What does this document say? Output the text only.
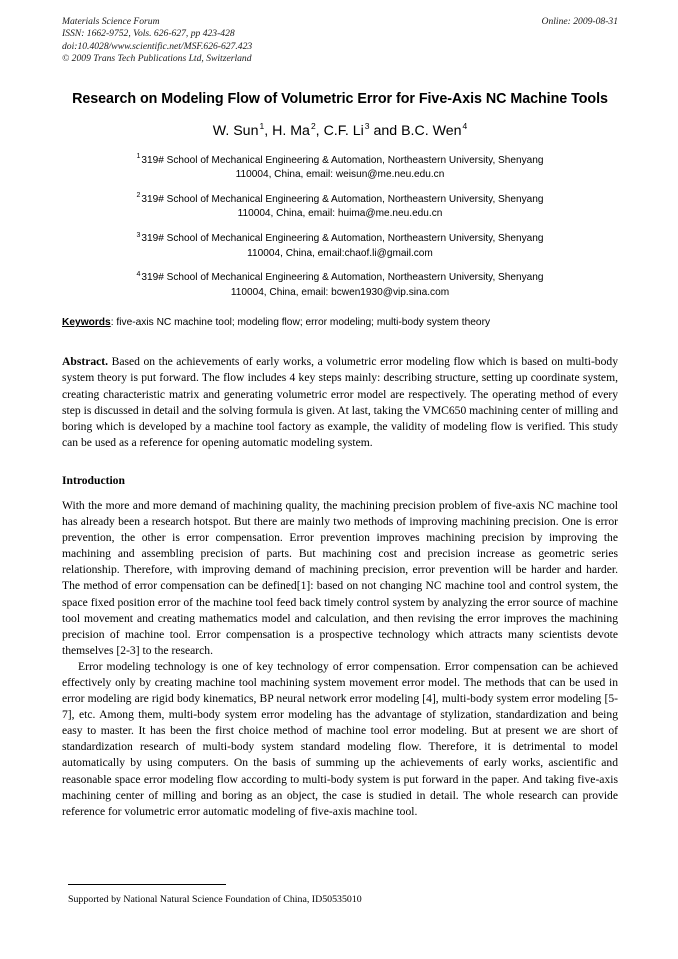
Online: 2009-08-31
Materials Science Forum
ISSN: 1662-9752, Vols. 626-627, pp 423-428
doi:10.4028/www.scientific.net/MSF.626-627.423
© 2009 Trans Tech Publications Ltd, Switzerland
Research on Modeling Flow of Volumetric Error for Five-Axis NC Machine Tools
W. Sun$^1$, H. Ma$^2$, C.F. Li$^3$ and B.C. Wen$^4$
$^1$319# School of Mechanical Engineering & Automation, Northeastern University, Shenyang
110004, China, email: weisun@me.neu.edu.cn
$^2$319# School of Mechanical Engineering & Automation, Northeastern University, Shenyang
110004, China, email: huima@me.neu.edu.cn
$^3$319# School of Mechanical Engineering & Automation, Northeastern University, Shenyang
110004, China, email:chaof.li@gmail.com
$^4$319# School of Mechanical Engineering & Automation, Northeastern University, Shenyang
110004, China, email: bcwen1930@vip.sina.com
Keywords: five-axis NC machine tool; modeling flow; error modeling; multi-body system theory
Abstract. Based on the achievements of early works, a volumetric error modeling flow which is based on multi-body system theory is put forward. The flow includes 4 key steps mainly: describing structure, setting up coordinate system, creating characteristic matrix and generating volumetric error model are respectively. The operating method of every step is discussed in detail and the solving formula is given. At last, taking the VMC650 machining center of milling and boring which is developed by a machine tool factory as example, the validity of modeling flow is verified. This study can be used as a reference for opening automatic modeling system.
Introduction
With the more and more demand of machining quality, the machining precision problem of five-axis NC machine tool has already been a research hotspot. But there are mainly two methods of improving machining precision. One is error prevention, the other is error compensation. Error prevention improves machining precision by improving the machining and assembling precision of parts. But machining cost and precision increase as geometric series relationship. Therefore, with improving demand of machining precision, error prevention will be harder and harder. The method of error compensation can be defined[1]: based on not changing NC machine tool and control system, the space fixed position error of the machine tool feed back timely control system by analyzing the error source of machine tool movement and creating mathematics model and calculation, and then revising the error improves the machining precision of machine tool. Error compensation is a prospective technology which attracts many scientists devote themselves [2-3] to the research.
Error modeling technology is one of key technology of error compensation. Error compensation can be achieved effectively only by creating machine tool machining system movement error model. The methods that can be used in error modeling are rigid body kinematics, BP neural network error modeling [4], multi-body system error modeling [5-7], etc. Among them, multi-body system error modeling has the advantage of stylization, standardization and being easy to master. It has been the first choice method of machine tool error modeling. But at present we are short of standardization research of multi-body system standard modeling flow. Therefore, it is detrimental to model automatically by using computers. On the basis of summing up the achievements of early works, ascientific and reasonable space error modeling flow according to multi-body system is put forward in the paper. And taking five-axis machining center of milling and boring as an object, the case is studied in detail. The whole research can provide reference for volumetric error automatic modeling of five-axis machine tool.
Supported by National Natural Science Foundation of China, ID50535010
